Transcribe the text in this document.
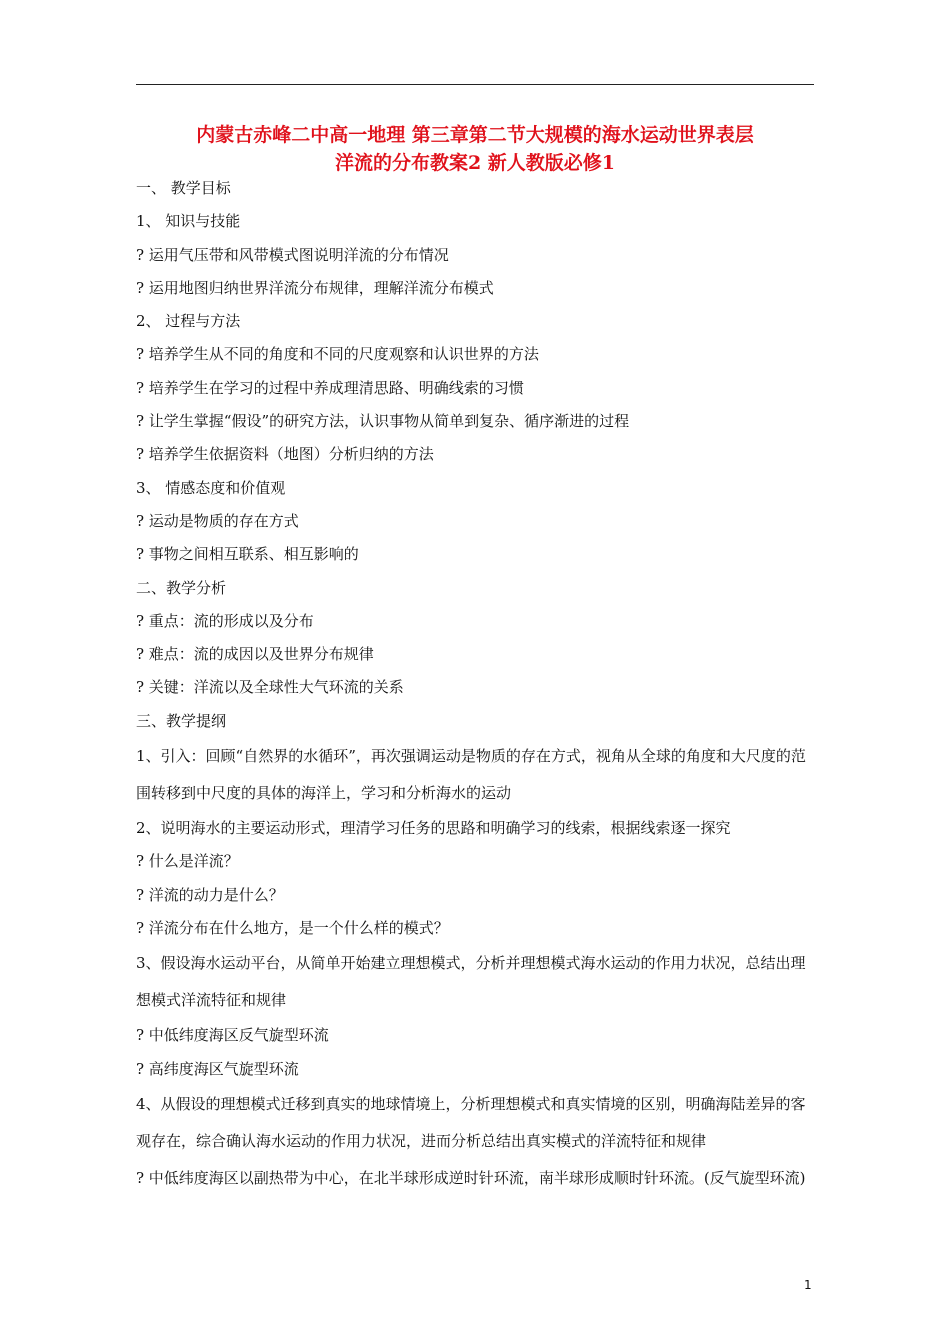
内蒙古赤峰二中高一地理 第三章第二节大规模的海水运动世界表层
洋流的分布教案2 新人教版必修1
一、 教学目标
1、 知识与技能
? 运用气压带和风带模式图说明洋流的分布情况
? 运用地图归纳世界洋流分布规律，理解洋流分布模式
2、 过程与方法
? 培养学生从不同的角度和不同的尺度观察和认识世界的方法
? 培养学生在学习的过程中养成理清思路、明确线索的习惯
? 让学生掌握“假设”的研究方法，认识事物从简单到复杂、循序渐进的过程
? 培养学生依据资料（地图）分析归纳的方法
3、 情感态度和价值观
? 运动是物质的存在方式
? 事物之间相互联系、相互影响的
二、教学分析
? 重点：流的形成以及分布
? 难点：流的成因以及世界分布规律
? 关键：洋流以及全球性大气环流的关系
三、教学提纲
1、引入：回顾“自然界的水循环”，再次强调运动是物质的存在方式，视角从全球的角度和大尺度的范围转移到中尺度的具体的海洋上，学习和分析海水的运动
2、说明海水的主要运动形式，理清学习任务的思路和明确学习的线索，根据线索逐一探究
? 什么是洋流？
? 洋流的动力是什么？
? 洋流分布在什么地方，是一个什么样的模式？
3、假设海水运动平台，从简单开始建立理想模式，分析并理想模式海水运动的作用力状况，总结出理想模式洋流特征和规律
? 中低纬度海区反气旋型环流
? 高纬度海区气旋型环流
4、从假设的理想模式迁移到真实的地球情境上，分析理想模式和真实情境的区别，明确海陆差异的客观存在，综合确认海水运动的作用力状况，进而分析总结出真实模式的洋流特征和规律
? 中低纬度海区以副热带为中心，在北半球形成逆时针环流，南半球形成顺时针环流。(反气旋型环流)
1
